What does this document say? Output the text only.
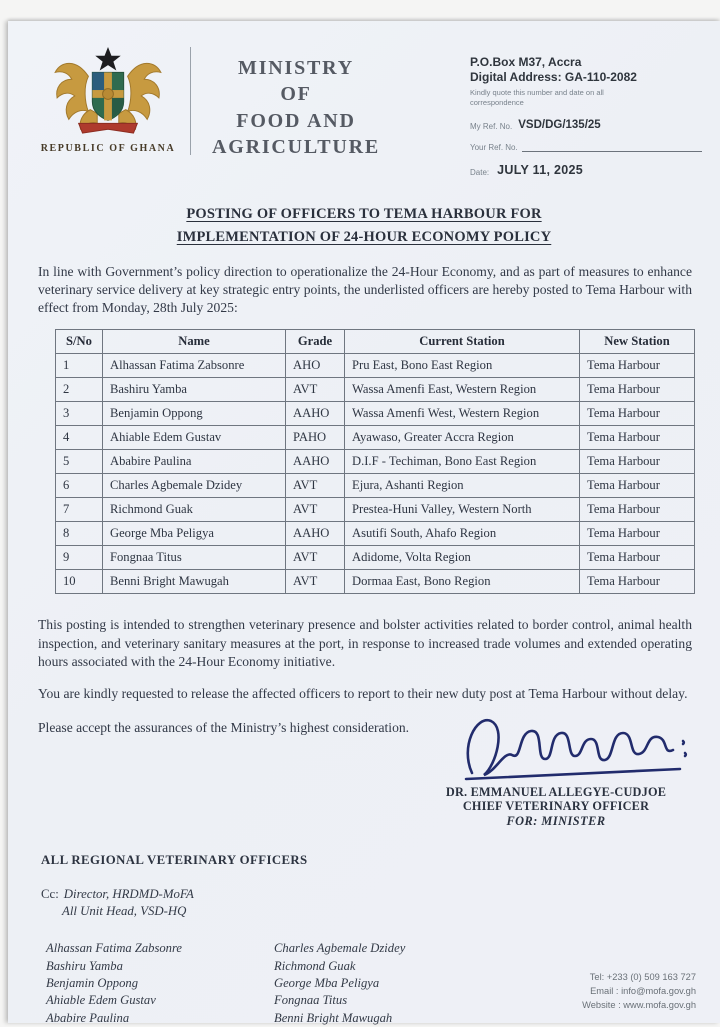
REPUBLIC OF GHANA
MINISTRY
OF
FOOD AND
AGRICULTURE
P.O.Box M37, Accra
Digital Address: GA-110-2082
Kindly quote this number and date on all correspondence
My Ref. No. VSD/DG/135/25
Your Ref. No.
Date: JULY 11, 2025
POSTING OF OFFICERS TO TEMA HARBOUR FOR
IMPLEMENTATION OF 24-HOUR ECONOMY POLICY

In line with Government’s policy direction to operationalize the 24-Hour Economy, and as part of measures to enhance veterinary service delivery at key strategic entry points, the underlisted officers are hereby posted to Tema Harbour with effect from Monday, 28th July 2025:

S/No	Name	Grade	Current Station	New Station
1	Alhassan Fatima Zabsonre	AHO	Pru East, Bono East Region	Tema Harbour
2	Bashiru Yamba	AVT	Wassa Amenfi East, Western Region	Tema Harbour
3	Benjamin Oppong	AAHO	Wassa Amenfi West, Western Region	Tema Harbour
4	Ahiable Edem Gustav	PAHO	Ayawaso, Greater Accra Region	Tema Harbour
5	Ababire Paulina	AAHO	D.I.F - Techiman, Bono East Region	Tema Harbour
6	Charles Agbemale Dzidey	AVT	Ejura, Ashanti Region	Tema Harbour
7	Richmond Guak	AVT	Prestea-Huni Valley, Western North	Tema Harbour
8	George Mba Peligya	AAHO	Asutifi South, Ahafo Region	Tema Harbour
9	Fongnaa Titus	AVT	Adidome, Volta Region	Tema Harbour
10	Benni Bright Mawugah	AVT	Dormaa East, Bono Region	Tema Harbour

This posting is intended to strengthen veterinary presence and bolster activities related to border control, animal health inspection, and veterinary sanitary measures at the port, in response to increased trade volumes and extended operating hours associated with the 24-Hour Economy initiative.

You are kindly requested to release the affected officers to report to their new duty post at Tema Harbour without delay.

Please accept the assurances of the Ministry’s highest consideration.

DR. EMMANUEL ALLEGYE-CUDJOE
CHIEF VETERINARY OFFICER
FOR: MINISTER
ALL REGIONAL VETERINARY OFFICERS
Cc: Director, HRDMD-MoFA
All Unit Head, VSD-HQ
Alhassan Fatima Zabsonre
Bashiru Yamba
Benjamin Oppong
Ahiable Edem Gustav
Ababire Paulina
Charles Agbemale Dzidey
Richmond Guak
George Mba Peligya
Fongnaa Titus
Benni Bright Mawugah
Tel: +233 (0) 509 163 727
Email : info@mofa.gov.gh
Website : www.mofa.gov.gh
